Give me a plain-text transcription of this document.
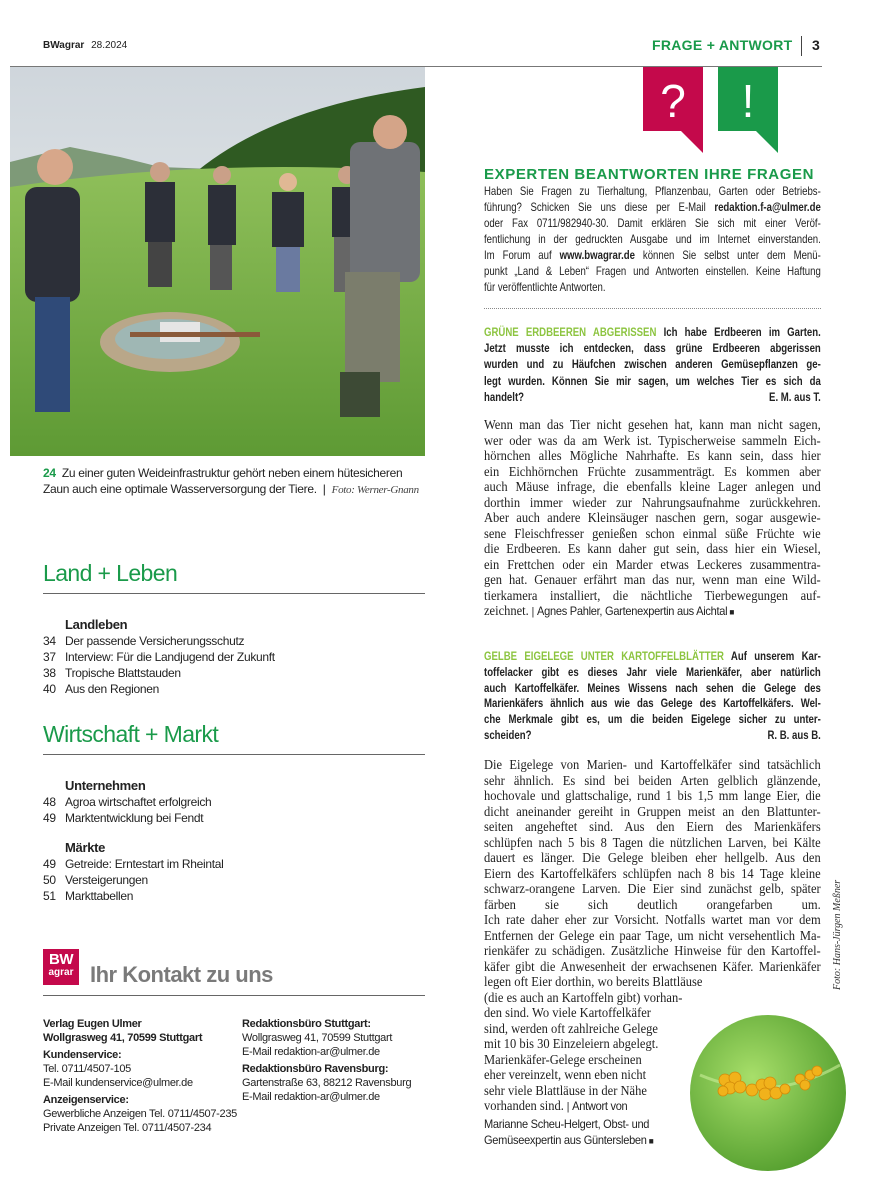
BWagrar 28.2024	FRAGE + ANTWORT 3
? !
24 Zu einer guten Weideinfrastruktur gehört neben einem hütesicheren Zaun auch eine optimale Wasserversorgung der Tiere. | Foto: Werner-Gnann
Land + Leben
Landleben
34 Der passende Versicherungsschutz
37 Interview: Für die Landjugend der Zukunft
38 Tropische Blattstauden
40 Aus den Regionen
Wirtschaft + Markt
Unternehmen
48 Agroa wirtschaftet erfolgreich
49 Marktentwicklung bei Fendt
Märkte
49 Getreide: Erntestart im Rheintal
50 Versteigerungen
51 Markttabellen
BW
agrar Ihr Kontakt zu uns
Verlag Eugen Ulmer
Wollgrasweg 41, 70599 Stuttgart
Kundenservice:
Tel. 0711/4507-105
E-Mail kundenservice@ulmer.de
Anzeigenservice:
Gewerbliche Anzeigen Tel. 0711/4507-235
Private Anzeigen Tel. 0711/4507-234
Redaktionsbüro Stuttgart:
Wollgrasweg 41, 70599 Stuttgart
E-Mail redaktion-ar@ulmer.de
Redaktionsbüro Ravensburg:
Gartenstraße 63, 88212 Ravensburg
E-Mail redaktion-ar@ulmer.de
EXPERTEN BEANTWORTEN IHRE FRAGEN
Haben Sie Fragen zu Tierhaltung, Pflanzenbau, Garten oder Betriebs-
führung? Schicken Sie uns diese per E-Mail redaktion.f-a@ulmer.de
oder Fax 0711/982940-30. Damit erklären Sie sich mit einer Veröf-
fentlichung in der gedruckten Ausgabe und im Internet einverstanden.
Im Forum auf www.bwagrar.de können Sie selbst unter dem Menü-
punkt „Land & Leben“ Fragen und Antworten einstellen. Keine Haftung
für veröffentlichte Antworten.
GRÜNE ERDBEEREN ABGERISSEN Ich habe Erdbeeren im Garten.
Jetzt musste ich entdecken, dass grüne Erdbeeren abgerissen
wurden und zu Häufchen zwischen anderen Gemüsepflanzen ge-
legt wurden. Können Sie mir sagen, um welches Tier es sich da
handelt?	E. M. aus T.
Wenn man das Tier nicht gesehen hat, kann man nicht sagen,
wer oder was da am Werk ist. Typischerweise sammeln Eich-
hörnchen alles Mögliche Nahrhafte. Es kann sein, dass hier
ein Eichhörnchen Früchte zusammenträgt. Es kommen aber
auch Mäuse infrage, die ebenfalls kleine Lager anlegen und
dorthin immer wieder zur Nahrungsaufnahme zurückkehren.
Aber auch andere Kleinsäuger naschen gern, sogar ausgewie-
sene Fleischfresser genießen schon einmal süße Früchte wie
die Erdbeeren. Es kann daher gut sein, dass hier ein Wiesel,
ein Frettchen oder ein Marder etwas Leckeres zusammentra-
gen hat. Genauer erfährt man das nur, wenn man eine Wild-
tierkamera installiert, die nächtliche Tierbewegungen auf-
zeichnet. | Agnes Pahler, Gartenexpertin aus Aichtal ■
GELBE EIGELEGE UNTER KARTOFFELBLÄTTER Auf unserem Kar-
toffelacker gibt es dieses Jahr viele Marienkäfer, aber natürlich
auch Kartoffelkäfer. Meines Wissens nach sehen die Gelege des
Marienkäfers ähnlich aus wie das Gelege des Kartoffelkäfers. Wel-
che Merkmale gibt es, um die beiden Eigelege sicher zu unter-
scheiden?	R. B. aus B.
Die Eigelege von Marien- und Kartoffelkäfer sind tatsächlich
sehr ähnlich. Es sind bei beiden Arten gelblich glänzende,
hochovale und glattschalige, rund 1 bis 1,5 mm lange Eier, die
dicht aneinander gereiht in Gruppen meist an den Blattunter-
seiten angeheftet sind. Aus den Eiern des Marienkäfers
schlüpfen nach 5 bis 8 Tagen die nützlichen Larven, bei Kälte
dauert es länger. Die Gelege bleiben eher hellgelb. Aus den
Eiern des Kartoffelkäfers schlüpfen nach 8 bis 14 Tage kleine
schwarz-orangene Larven. Die Eier sind zunächst gelb, später
färben sie sich deutlich orangefarben um.
Ich rate daher eher zur Vorsicht. Notfalls wartet man vor dem
Entfernen der Gelege ein paar Tage, um nicht versehentlich Ma-
rienkäfer zu schädigen. Zusätzliche Hinweise für den Kartoffel-
käfer gibt die Anwesenheit der erwachsenen Käfer. Marienkäfer
legen oft Eier dorthin, wo bereits Blattläuse
(die es auch an Kartoffeln gibt) vorhan-
den sind. Wo viele Kartoffelkäfer
sind, werden oft zahlreiche Gelege
mit 10 bis 30 Einzeleiern abgelegt.
Marienkäfer-Gelege erscheinen
eher vereinzelt, wenn eben nicht
sehr viele Blattläuse in der Nähe
vorhanden sind. | Antwort von
Marianne Scheu-Helgert, Obst- und
Gemüseexpertin aus Güntersleben ■
Foto: Hans-Jürgen Meßner
